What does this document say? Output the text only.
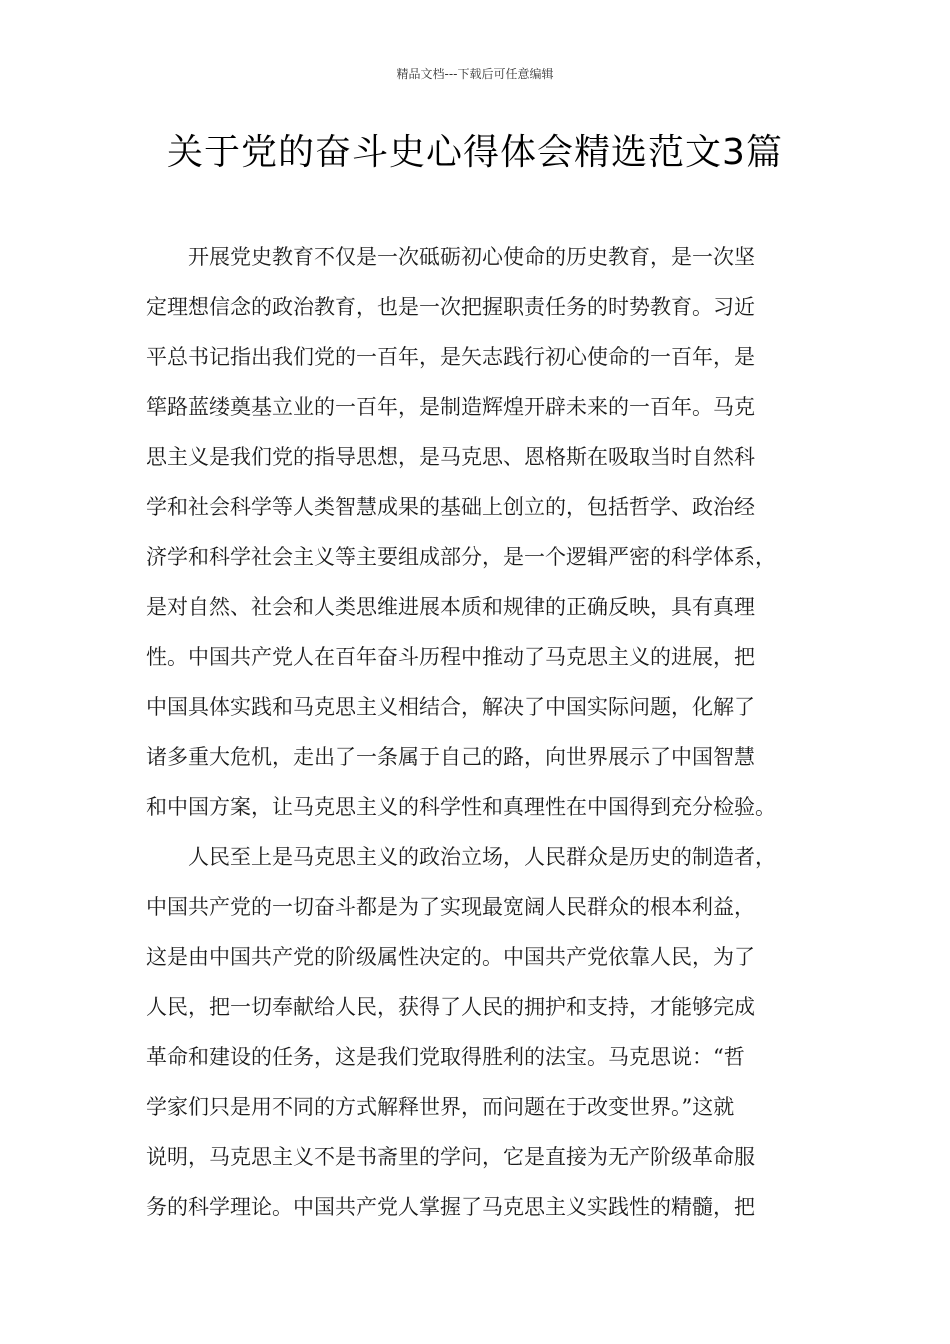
精品文档---下载后可任意编辑
关于党的奋斗史心得体会精选范文3篇
开展党史教育不仅是一次砥砺初心使命的历史教育，是一次坚
定理想信念的政治教育，也是一次把握职责任务的时势教育。习近
平总书记指出我们党的一百年，是矢志践行初心使命的一百年，是
筚路蓝缕奠基立业的一百年，是制造辉煌开辟未来的一百年。马克
思主义是我们党的指导思想，是马克思、恩格斯在吸取当时自然科
学和社会科学等人类智慧成果的基础上创立的，包括哲学、政治经
济学和科学社会主义等主要组成部分，是一个逻辑严密的科学体系，
是对自然、社会和人类思维进展本质和规律的正确反映，具有真理
性。中国共产党人在百年奋斗历程中推动了马克思主义的进展，把
中国具体实践和马克思主义相结合，解决了中国实际问题，化解了
诸多重大危机，走出了一条属于自己的路，向世界展示了中国智慧
和中国方案，让马克思主义的科学性和真理性在中国得到充分检验。
人民至上是马克思主义的政治立场，人民群众是历史的制造者，
中国共产党的一切奋斗都是为了实现最宽阔人民群众的根本利益，
这是由中国共产党的阶级属性决定的。中国共产党依靠人民，为了
人民，把一切奉献给人民，获得了人民的拥护和支持，才能够完成
革命和建设的任务，这是我们党取得胜利的法宝。马克思说：“哲
学家们只是用不同的方式解释世界，而问题在于改变世界。”这就
说明，马克思主义不是书斋里的学问，它是直接为无产阶级革命服
务的科学理论。中国共产党人掌握了马克思主义实践性的精髓，把
